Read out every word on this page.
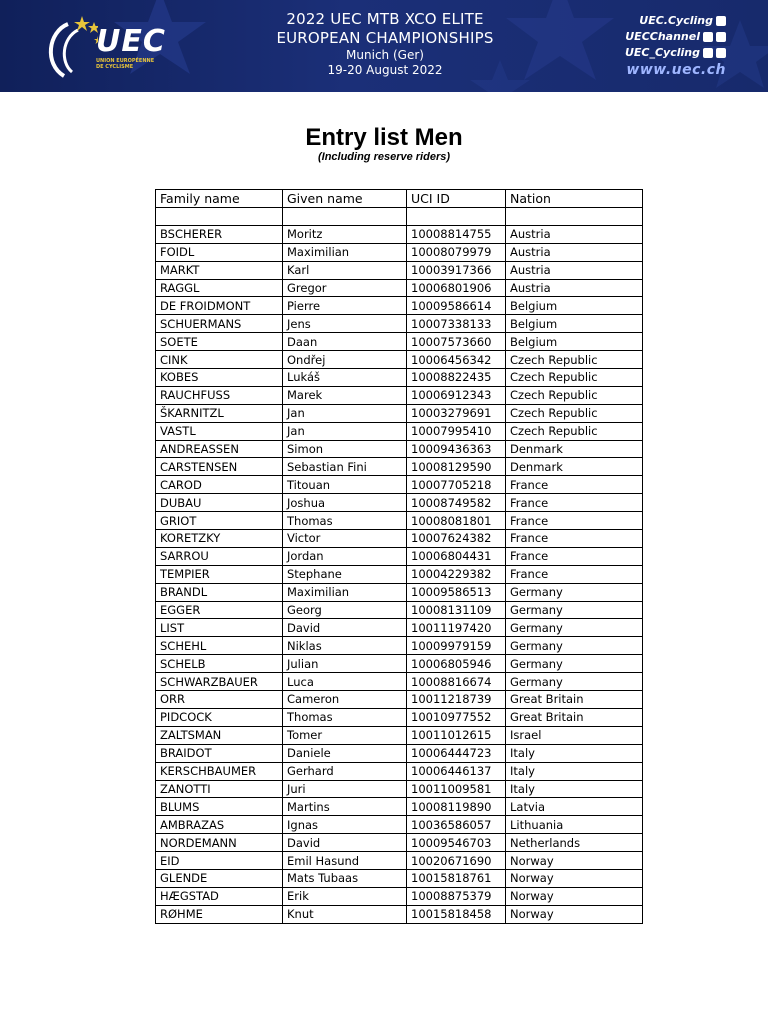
UEC
UNION EUROPÉENNE DE CYCLISME
2022 UEC MTB XCO ELITE
EUROPEAN CHAMPIONSHIPS
Munich (Ger)
19-20 August 2022
UEC.Cycling
UECChannel
UEC_Cycling
www.uec.ch
Entry list Men
(Including reserve riders)
Family name	Given name	UCI ID	Nation

BSCHERER	Moritz	10008814755	Austria
FOIDL	Maximilian	10008079979	Austria
MARKT	Karl	10003917366	Austria
RAGGL	Gregor	10006801906	Austria
DE FROIDMONT	Pierre	10009586614	Belgium
SCHUERMANS	Jens	10007338133	Belgium
SOETE	Daan	10007573660	Belgium
CINK	Ondřej	10006456342	Czech Republic
KOBES	Lukáš	10008822435	Czech Republic
RAUCHFUSS	Marek	10006912343	Czech Republic
ŠKARNITZL	Jan	10003279691	Czech Republic
VASTL	Jan	10007995410	Czech Republic
ANDREASSEN	Simon	10009436363	Denmark
CARSTENSEN	Sebastian Fini	10008129590	Denmark
CAROD	Titouan	10007705218	France
DUBAU	Joshua	10008749582	France
GRIOT	Thomas	10008081801	France
KORETZKY	Victor	10007624382	France
SARROU	Jordan	10006804431	France
TEMPIER	Stephane	10004229382	France
BRANDL	Maximilian	10009586513	Germany
EGGER	Georg	10008131109	Germany
LIST	David	10011197420	Germany
SCHEHL	Niklas	10009979159	Germany
SCHELB	Julian	10006805946	Germany
SCHWARZBAUER	Luca	10008816674	Germany
ORR	Cameron	10011218739	Great Britain
PIDCOCK	Thomas	10010977552	Great Britain
ZALTSMAN	Tomer	10011012615	Israel
BRAIDOT	Daniele	10006444723	Italy
KERSCHBAUMER	Gerhard	10006446137	Italy
ZANOTTI	Juri	10011009581	Italy
BLUMS	Martins	10008119890	Latvia
AMBRAZAS	Ignas	10036586057	Lithuania
NORDEMANN	David	10009546703	Netherlands
EID	Emil Hasund	10020671690	Norway
GLENDE	Mats Tubaas	10015818761	Norway
HÆGSTAD	Erik	10008875379	Norway
RØHME	Knut	10015818458	Norway
